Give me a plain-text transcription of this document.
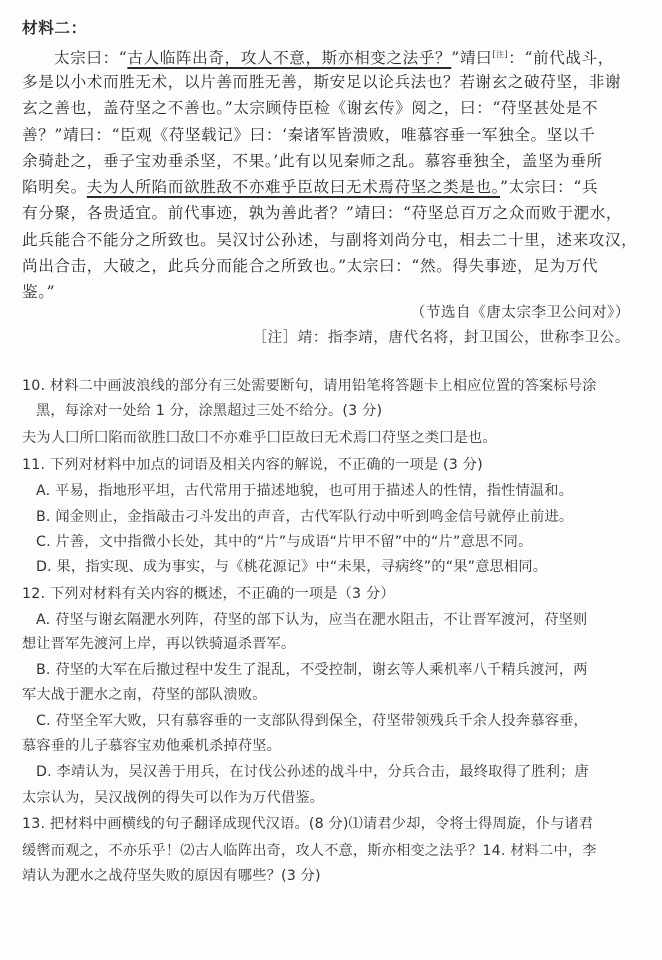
材料二：
太宗曰：“古人临阵出奇，攻人不意，斯亦相变之法乎？”靖曰[注]：“前代战斗，
多是以小术而胜无术，以片善而胜无善，斯安足以论兵法也？若谢玄之破苻坚，非谢
玄之善也，盖苻坚之不善也。”太宗顾侍臣检《谢玄传》阅之，曰：“苻坚甚处是不
善？”靖曰：“臣观《苻坚载记》曰：‘秦诸军皆溃败，唯慕容垂一军独全。坚以千
余骑赴之，垂子宝劝垂杀坚，不果。’此有以见秦师之乱。慕容垂独全，盖坚为垂所
陷明矣。夫为人所陷而欲胜敌不亦难乎臣故曰无术焉苻坚之类是也。”太宗曰：“兵
有分聚，各贵适宜。前代事迹，孰为善此者？”靖曰：“苻坚总百万之众而败于淝水，
此兵能合不能分之所致也。吴汉讨公孙述，与副将刘尚分屯，相去二十里，述来攻汉，
尚出合击，大破之，此兵分而能合之所致也。”太宗曰：“然。得失事迹，足为万代
鉴。”
（节选自《唐太宗李卫公问对》）
［注］靖：指李靖，唐代名将，封卫国公，世称李卫公。
10. 材料二中画波浪线的部分有三处需要断句，请用铅笔将答题卡上相应位置的答案标号涂
黑，每涂对一处给 1 分，涂黑超过三处不给分。(3 分)
夫为人囗所囗陷而欲胜囗敌囗不亦难乎囗臣故曰无术焉囗苻坚之类囗是也。
11. 下列对材料中加点的词语及相关内容的解说，不正确的一项是 (3 分)
A. 平易，指地形平坦，古代常用于描述地貌，也可用于描述人的性情，指性情温和。
B. 闻金则止，金指敲击刁斗发出的声音，古代军队行动中听到鸣金信号就停止前进。
C. 片善，文中指微小长处，其中的“片”与成语“片甲不留”中的“片”意思不同。
D. 果，指实现、成为事实，与《桃花源记》中“未果，寻病终”的“果”意思相同。
12. 下列对材料有关内容的概述，不正确的一项是（3 分）
A. 苻坚与谢玄隔淝水列阵，苻坚的部下认为，应当在淝水阻击，不让晋军渡河，苻坚则
想让晋军先渡河上岸，再以铁骑逼杀晋军。
B. 苻坚的大军在后撤过程中发生了混乱，不受控制，谢玄等人乘机率八千精兵渡河，两
军大战于淝水之南，苻坚的部队溃败。
C. 苻坚全军大败，只有慕容垂的一支部队得到保全，苻坚带领残兵千余人投奔慕容垂，
慕容垂的儿子慕容宝劝他乘机杀掉苻坚。
D. 李靖认为，吴汉善于用兵，在讨伐公孙述的战斗中，分兵合击，最终取得了胜利；唐
太宗认为，吴汉战例的得失可以作为万代借鉴。
13. 把材料中画横线的句子翻译成现代汉语。(8 分)⑴请君少却，令将士得周旋，仆与诸君
缓辔而观之，不亦乐乎！⑵古人临阵出奇，攻人不意，斯亦相变之法乎？14. 材料二中，李
靖认为淝水之战苻坚失败的原因有哪些？(3 分)
